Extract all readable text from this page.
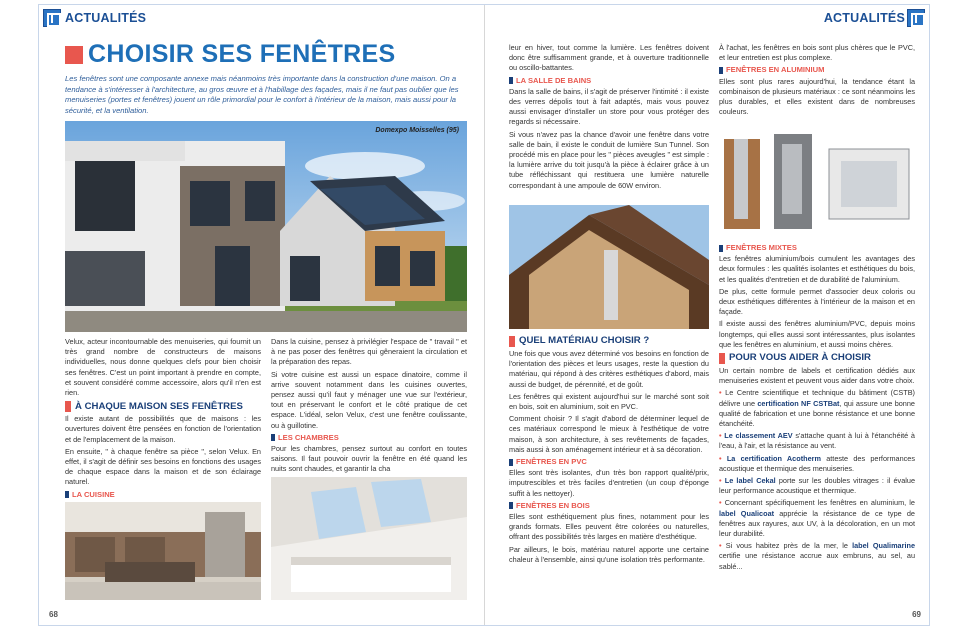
ACTUALITÉS
CHOISIR SES FENÊTRES
Les fenêtres sont une composante annexe mais néanmoins très importante dans la construction d'une maison. On a tendance à s'intéresser à l'architecture, au gros œuvre et à l'habillage des façades, mais il ne faut pas oublier que les menuiseries (portes et fenêtres) jouent un rôle primordial pour le confort à l'intérieur de la maison, mais aussi pour la sécurité, et la ventilation.
Domexpo Moisselles (95)

Velux, acteur incontournable des menuiseries, qui fournit un très grand nombre de constructeurs de maisons individuelles, nous donne quelques clefs pour bien choisir ses fenêtres. C'est un point important à prendre en compte, et souvent considéré comme accessoire, alors qu'il n'en est rien.

À CHAQUE MAISON SES FENÊTRES

Il existe autant de possibilités que de maisons : les ouvertures doivent être pensées en fonction de l'orientation et de l'emplacement de la maison.

En ensuite, " à chaque fenêtre sa pièce ", selon Velux. En effet, il s'agit de définir ses besoins en fonctions des usages de chaque espace dans la maison et de son éclairage naturel.

LA CUISINE

Dans la cuisine, pensez à privilégier l'espace de " travail " et à ne pas poser des fenêtres qui gêneraient la circulation et la préparation des repas.

Si votre cuisine est aussi un espace dinatoire, comme il arrive souvent notamment dans les cuisines ouvertes, pensez aussi qu'il faut y ménager une vue sur l'extérieur, tout en préservant le confort et le côté pratique de cet espace. L'idéal, selon Velux, c'est une fenêtre coulissante, ou à guillotine.

LES CHAMBRES

Pour les chambres, pensez surtout au confort en toutes saisons. Il faut pouvoir ouvrir la fenêtre en été quand les nuits sont chaudes, et garantir la cha

68
ACTUALITÉS

leur en hiver, tout comme la lumière. Les fenêtres doivent donc être suffisamment grande, et à ouverture traditionnelle ou oscillo-battantes.

LA SALLE DE BAINS

Dans la salle de bains, il s'agit de préserver l'intimité : il existe des verres dépolis tout à fait adaptés, mais vous pouvez aussi envisager d'installer un store pour vous protéger des regards si nécessaire.

Si vous n'avez pas la chance d'avoir une fenêtre dans votre salle de bain, il existe le conduit de lumière Sun Tunnel. Son procédé mis en place pour les " pièces aveugles " est simple : la lumière arrive du toit jusqu'à la pièce à éclairer grâce à un tube réfléchissant qui restituera une lumière naturelle correspondant à une ampoule de 60W environ.

QUEL MATÉRIAU CHOISIR ?

Une fois que vous avez déterminé vos besoins en fonction de l'orientation des pièces et leurs usages, reste la question du matériau, qui répond à des critères esthétiques d'abord, mais aussi de budget, de pérennité, et de goût.

Les fenêtres qui existent aujourd'hui sur le marché sont soit en bois, soit en aluminium, soit en PVC.

Comment choisir ? Il s'agit d'abord de déterminer lequel de ces matériaux correspond le mieux à l'esthétique de votre maison, à son architecture, à ses revêtements de façades, mais aussi à son aménagement intérieur et à sa décoration.

FENÊTRES EN PVC

Elles sont très isolantes, d'un très bon rapport qualité/prix, imputrescibles et très faciles d'entretien (un coup d'éponge suffit à les nettoyer).

FENÊTRES EN BOIS

Elles sont esthétiquement plus fines, notamment pour les grands formats. Elles peuvent être colorées ou naturelles, offrant des possibilités très larges en matière d'esthétique.

Par ailleurs, le bois, matériau naturel apporte une certaine chaleur à l'ensemble, ainsi qu'une isolation très performante.

À l'achat, les fenêtres en bois sont plus chères que le PVC, et leur entretien est plus complexe.

FENÊTRES EN ALUMINIUM

Elles sont plus rares aujourd'hui, la tendance étant la combinaison de plusieurs matériaux : ce sont néanmoins les plus durables, et elles existent dans de nombreuses couleurs.

FENÊTRES MIXTES

Les fenêtres aluminium/bois cumulent les avantages des deux formules : les qualités isolantes et esthétiques du bois, et les qualités d'entretien et de durabilité de l'aluminium.

De plus, cette formule permet d'associer deux coloris ou deux esthétiques différentes à l'intérieur de la maison et en façade.

Il existe aussi des fenêtres aluminium/PVC, depuis moins longtemps, qui elles aussi sont intéressantes, plus isolantes que les fenêtres en aluminium, et aussi moins chères.

POUR VOUS AIDER À CHOISIR

Un certain nombre de labels et certification dédiés aux menuiseries existent et peuvent vous aider dans votre choix.

• Le Centre scientifique et technique du bâtiment (CSTB) délivre une certification NF CSTBat, qui assure une bonne qualité de fabrication et une bonne résistance et une bonne étanchéité.

• Le classement AEV s'attache quant à lui à l'étanchéité à l'eau, à l'air, et la résistance au vent.

• La certification Acotherm atteste des performances acoustique et thermique des menuiseries.

• Le label Cekal porte sur les doubles vitrages : il évalue leur performance acoustique et thermique.

• Concernant spécifiquement les fenêtres en aluminium, le label Qualicoat apprécie la résistance de ce type de fenêtres aux rayures, aux UV, à la décoloration, en un mot leur durabilité.

• Si vous habitez près de la mer, le label Qualimarine certifie une résistance accrue aux embruns, au sel, au sablé...

69
